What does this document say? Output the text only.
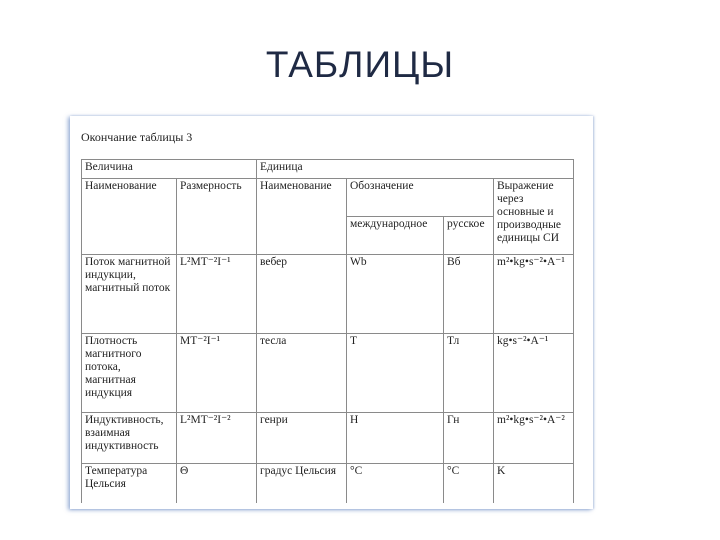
ТАБЛИЦЫ
Окончание таблицы 3
Величина		Единица			
Наименование	Размерность	Наименование	Обозначение		Выражение через основные и производные единицы СИ
			международное	русское	
Поток магнитной индукции, магнитный поток	L²MT⁻²I⁻¹	вебер	Wb	Вб	m²•kg•s⁻²•A⁻¹
Плотность магнитного потока, магнитная индукция	MT⁻²I⁻¹	тесла	T	Тл	kg•s⁻²•A⁻¹
Индуктивность, взаимная индуктивность	L²MT⁻²I⁻²	генри	H	Гн	m²•kg•s⁻²•A⁻²
Температура Цельсия	Θ	градус Цельсия	°C	°C	K
